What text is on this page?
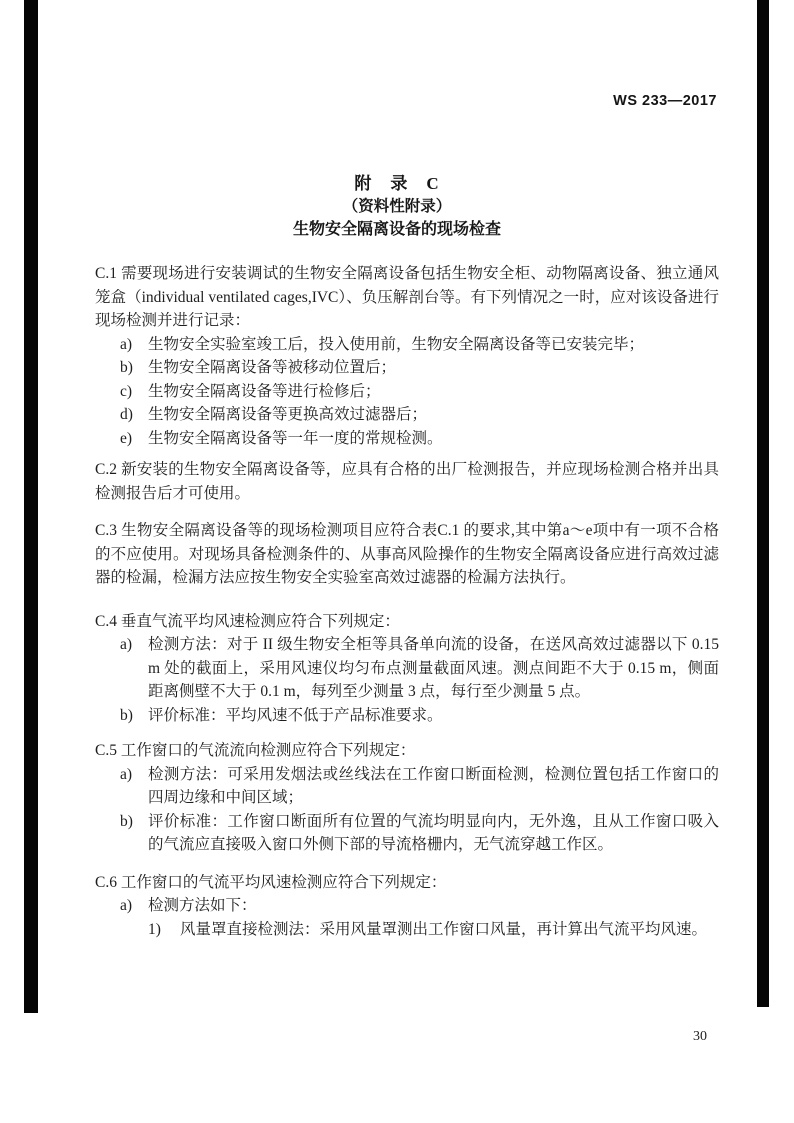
WS 233—2017
附　录　C
（资料性附录）
生物安全隔离设备的现场检查

C.1 需要现场进行安装调试的生物安全隔离设备包括生物安全柜、动物隔离设备、独立通风笼盒（individual ventilated cages,IVC）、负压解剖台等。有下列情况之一时，应对该设备进行现场检测并进行记录：

a)	生物安全实验室竣工后，投入使用前，生物安全隔离设备等已安装完毕；
b) 生物安全隔离设备等被移动位置后；
c)	生物安全隔离设备等进行检修后；
d) 生物安全隔离设备等更换高效过滤器后；
e)	生物安全隔离设备等一年一度的常规检测。

C.2 新安装的生物安全隔离设备等，应具有合格的出厂检测报告，并应现场检测合格并出具检测报告后才可使用。

C.3 生物安全隔离设备等的现场检测项目应符合表C.1 的要求,其中第a～e项中有一项不合格的不应使用。对现场具备检测条件的、从事高风险操作的生物安全隔离设备应进行高效过滤器的检漏，检漏方法应按生物安全实验室高效过滤器的检漏方法执行。

C.4 垂直气流平均风速检测应符合下列规定：

a)	检测方法：对于 II 级生物安全柜等具备单向流的设备，在送风高效过滤器以下 0.15 m 处的截面上，采用风速仪均匀布点测量截面风速。测点间距不大于 0.15 m，侧面距离侧壁不大于 0.1 m，每列至少测量 3 点，每行至少测量 5 点。
b) 评价标准：平均风速不低于产品标准要求。

C.5 工作窗口的气流流向检测应符合下列规定：

a)	检测方法：可采用发烟法或丝线法在工作窗口断面检测，检测位置包括工作窗口的四周边缘和中间区域；
b) 评价标准：工作窗口断面所有位置的气流均明显向内，无外逸，且从工作窗口吸入的气流应直接吸入窗口外侧下部的导流格栅内，无气流穿越工作区。

C.6 工作窗口的气流平均风速检测应符合下列规定：

a)	检测方法如下：
1)	风量罩直接检测法：采用风量罩测出工作窗口风量，再计算出气流平均风速。
30
